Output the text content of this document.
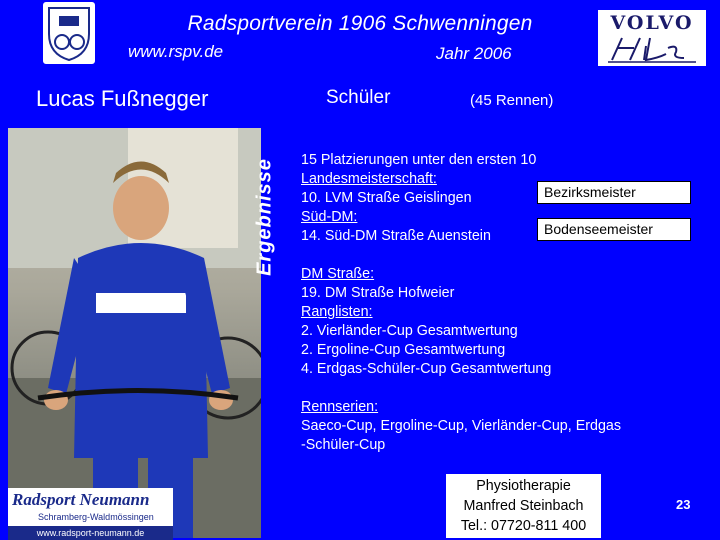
Radsportverein 1906 Schwenningen
www.rspv.de	Jahr 2006
VOLVO
Lucas Fußnegger	Schüler	(45 Rennen)
Ergebnisse 15 Platzierungen unter den ersten 10
Landesmeisterschaft:
10. LVM Straße Geislingen
Süd-DM:
14. Süd-DM Straße Auenstein
DM Straße:
19. DM Straße Hofweier
Ranglisten:
2. Vierländer-Cup Gesamtwertung
2. Ergoline-Cup Gesamtwertung
4. Erdgas-Schüler-Cup Gesamtwertung
Rennserien:
Saeco-Cup, Ergoline-Cup, Vierländer-Cup, Erdgas
-Schüler-Cup
Bezirksmeister
Bodenseemeister
Physiotherapie
Manfred Steinbach
Tel.: 07720-811 400
23
Radsport Neumann
Schramberg-Waldmössingen
www.radsport-neumann.de
